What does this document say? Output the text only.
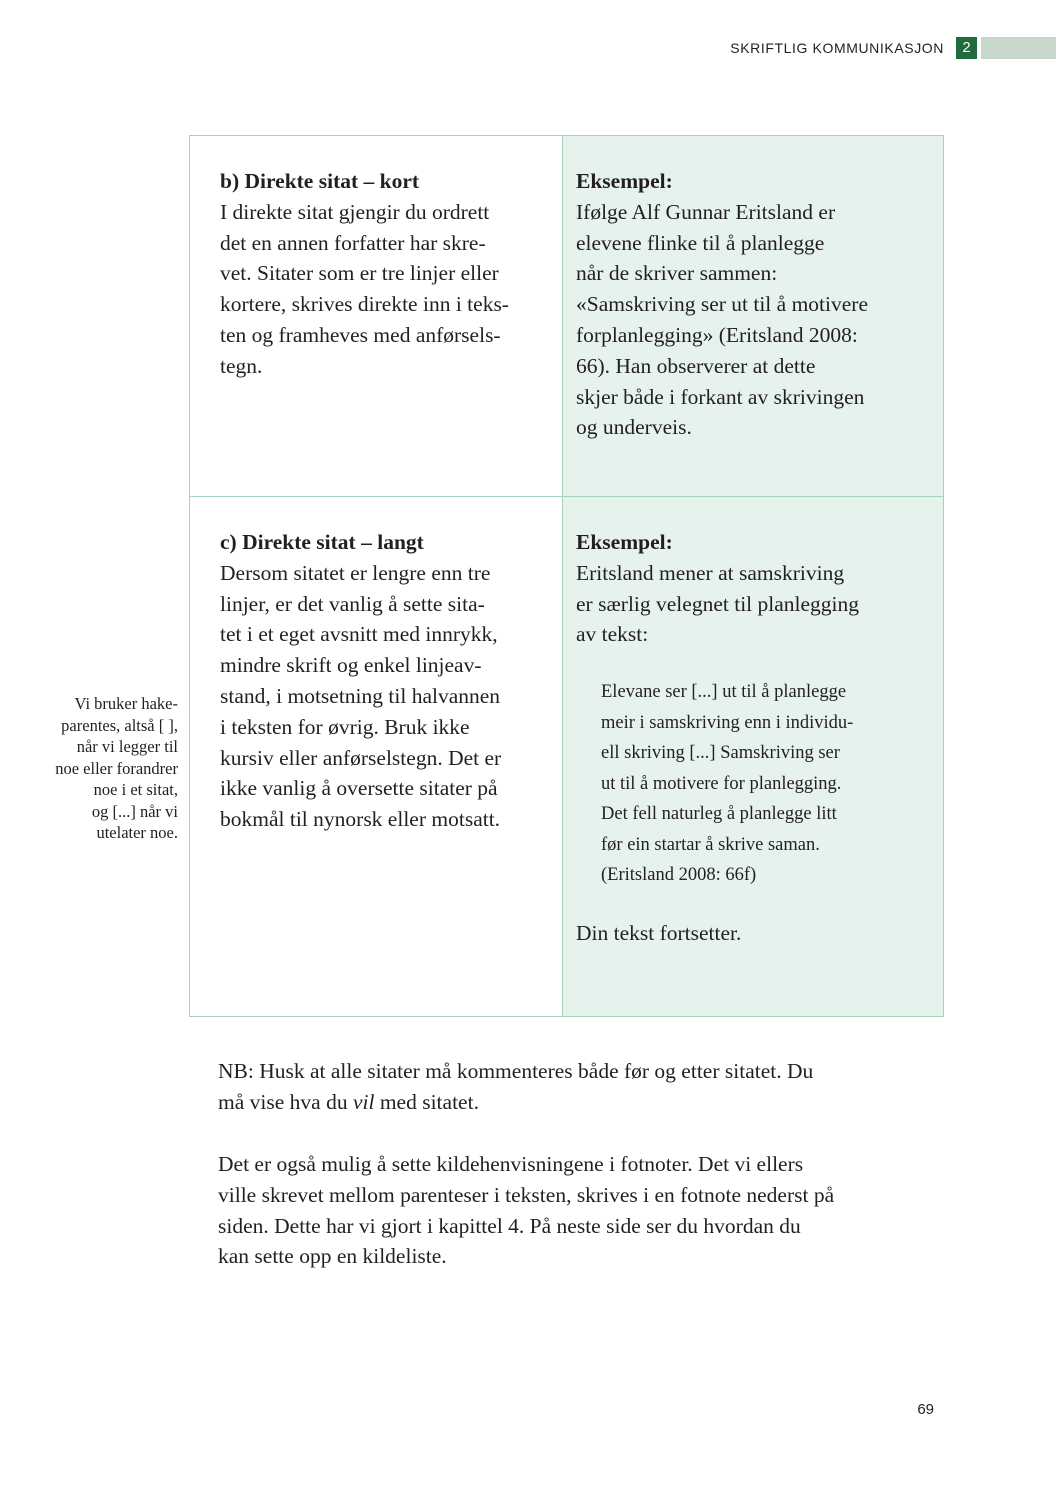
SKRIFTLIG KOMMUNIKASJON	2
b) Direkte sitat – kort
I direkte sitat gjengir du ordrett
det en annen forfatter har skre-
vet. Sitater som er tre linjer eller
kortere, skrives direkte inn i teks-
ten og framheves med anførsels-
tegn.
Eksempel:
Ifølge Alf Gunnar Eritsland er
elevene flinke til å planlegge
når de skriver sammen:
«Samskriving ser ut til å motivere
forplanlegging» (Eritsland 2008:
66). Han observerer at dette
skjer både i forkant av skrivingen
og underveis.
c) Direkte sitat – langt
Dersom sitatet er lengre enn tre
linjer, er det vanlig å sette sita-
tet i et eget avsnitt med innrykk,
mindre skrift og enkel linjeav-
stand, i motsetning til halvannen
i teksten for øvrig. Bruk ikke
kursiv eller anførselstegn. Det er
ikke vanlig å oversette sitater på
bokmål til nynorsk eller motsatt.
Eksempel:
Eritsland mener at samskriving
er særlig velegnet til planlegging
av tekst:
Elevane ser [...] ut til å planlegge
meir i samskriving enn i individu-
ell skriving [...] Samskriving ser
ut til å motivere for planlegging.
Det fell naturleg å planlegge litt
før ein startar å skrive saman.
(Eritsland 2008: 66f)
Din tekst fortsetter.
Vi bruker hake-
parentes, altså [ ],
når vi legger til
noe eller forandrer
noe i et sitat,
og [...] når vi
utelater noe.
NB: Husk at alle sitater må kommenteres både før og etter sitatet. Du
må vise hva du vil med sitatet.
Det er også mulig å sette kildehenvisningene i fotnoter. Det vi ellers
ville skrevet mellom parenteser i teksten, skrives i en fotnote nederst på
siden. Dette har vi gjort i kapittel 4. På neste side ser du hvordan du
kan sette opp en kildeliste.
69
